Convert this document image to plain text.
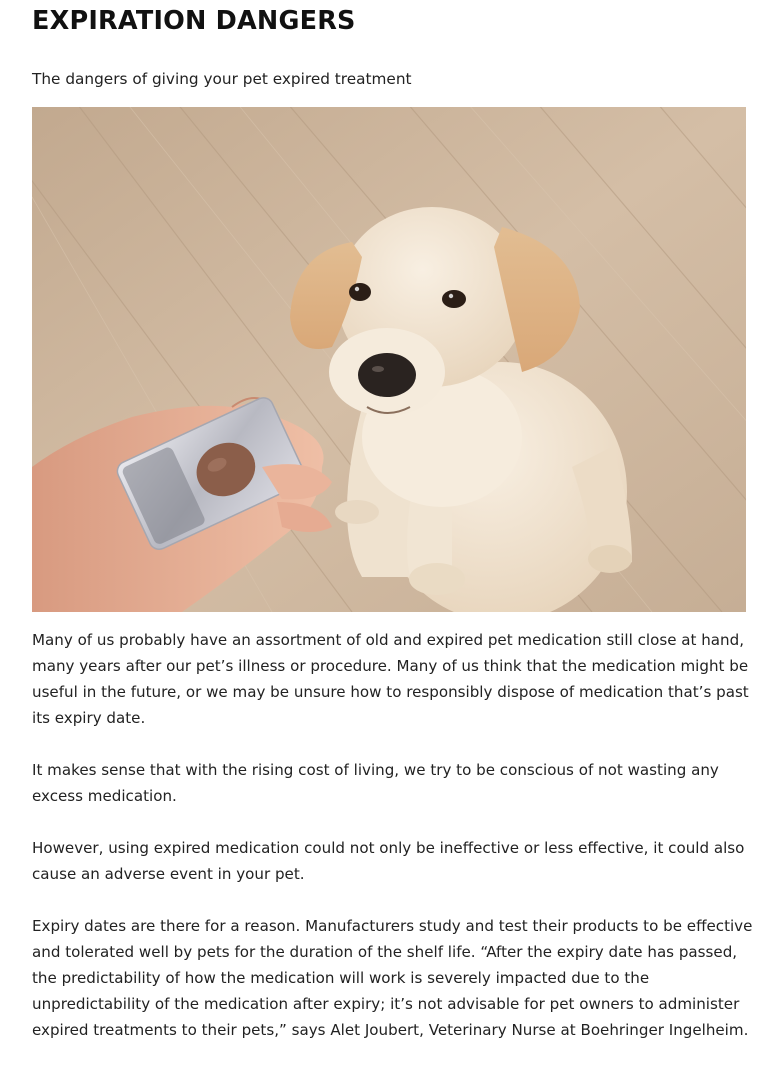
EXPIRATION DANGERS

The dangers of giving your pet expired treatment

Many of us probably have an assortment of old and expired pet medication still close at hand, many years after our pet’s illness or procedure. Many of us think that the medication might be useful in the future, or we may be unsure how to responsibly dispose of medication that’s past its expiry date.

It makes sense that with the rising cost of living, we try to be conscious of not wasting any excess medication.

However, using expired medication could not only be ineffective or less effective, it could also cause an adverse event in your pet.

Expiry dates are there for a reason. Manufacturers study and test their products to be effective and tolerated well by pets for the duration of the shelf life. “After the expiry date has passed, the predictability of how the medication will work is severely impacted due to the unpredictability of the medication after expiry; it’s not advisable for pet owners to administer expired treatments to their pets,” says Alet Joubert, Veterinary Nurse at Boehringer Ingelheim.
